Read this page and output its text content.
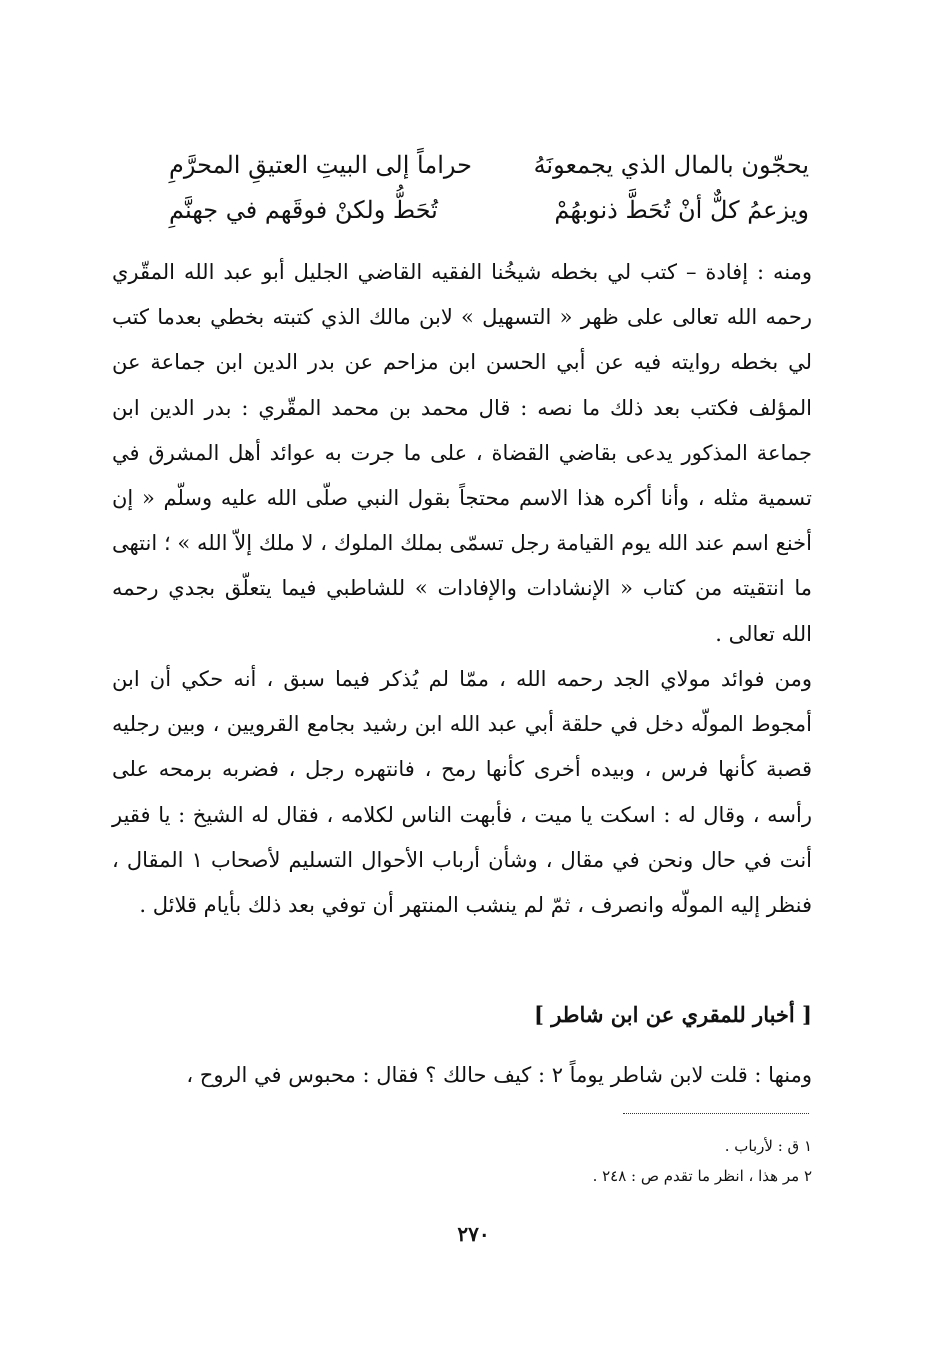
يحجّون بالمال الذي يجمعونَهُ
حراماً إلى البيتِ العتيقِ المحرَّمِ
ويزعمُ كلٌّ أنْ تُحَطَّ ذنوبهُمْ
تُحَطُّ ولكنْ فوقَهم في جهنَّمِ

ومنه : إفادة – كتب لي بخطه شيخُنا الفقيه القاضي الجليل أبو عبد الله المقّري رحمه الله تعالى على ظهر « التسهيل » لابن مالك الذي كتبته بخطي بعدما كتب لي بخطه روايته فيه عن أبي الحسن ابن مزاحم عن بدر الدين ابن جماعة عن المؤلف فكتب بعد ذلك ما نصه : قال محمد بن محمد المقّري : بدر الدين ابن جماعة المذكور يدعى بقاضي القضاة ، على ما جرت به عوائد أهل المشرق في تسمية مثله ، وأنا أكره هذا الاسم محتجاً بقول النبي صلّى الله عليه وسلّم « إن أخنع اسم عند الله يوم القيامة رجل تسمّى بملك الملوك ، لا ملك إلاّ الله » ؛ انتهى ما انتقيته من كتاب « الإنشادات والإفادات » للشاطبي فيما يتعلّق بجدي رحمه الله تعالى .

ومن فوائد مولاي الجد رحمه الله ، ممّا لم يُذكر فيما سبق ، أنه حكي أن ابن أمجوط المولّه دخل في حلقة أبي عبد الله ابن رشيد بجامع القرويين ، وبين رجليه قصبة كأنها فرس ، وبيده أخرى كأنها رمح ، فانتهره رجل ، فضربه برمحه على رأسه ، وقال له : اسكت يا ميت ، فأبهت الناس لكلامه ، فقال له الشيخ : يا فقير أنت في حال ونحن في مقال ، وشأن أرباب الأحوال التسليم لأصحاب ١ المقال ، فنظر إليه المولّه وانصرف ، ثمّ لم ينشب المنتهر أن توفي بعد ذلك بأيام قلائل .

[ أخبار للمقري عن ابن شاطر ]

ومنها : قلت لابن شاطر يوماً ٢ : كيف حالك ؟ فقال : محبوس في الروح ،

١ ق : لأرباب .
٢ مر هذا ، انظر ما تقدم ص : ٢٤٨ .
٢٧٠
